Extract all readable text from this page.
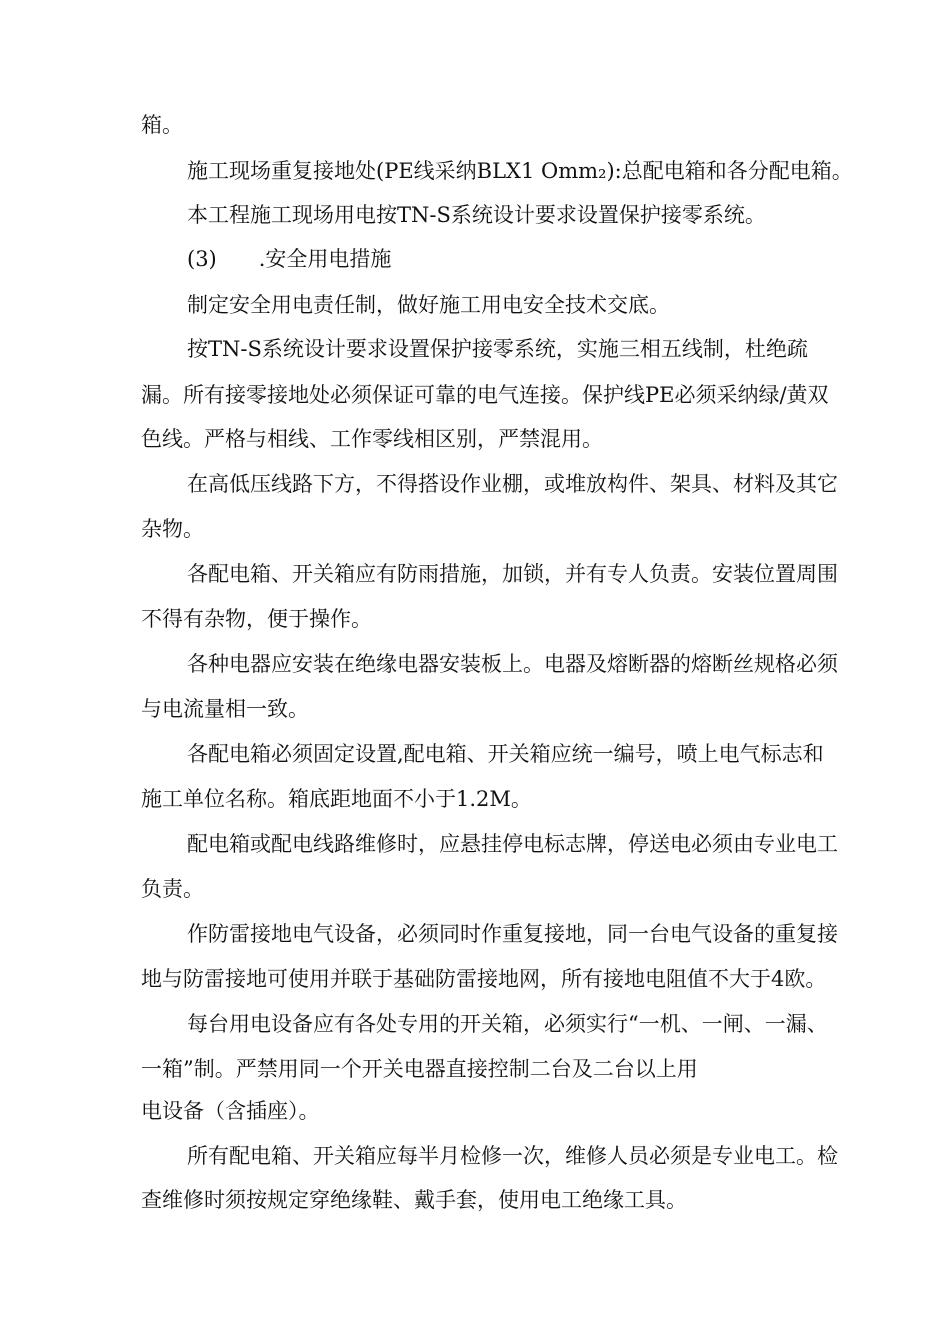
箱。
施工现场重复接地处(PE线采纳BLX1 Omm₂):总配电箱和各分配电箱。
本工程施工现场用电按TN-S系统设计要求设置保护接零系统。
(3)　　.安全用电措施
制定安全用电责任制，做好施工用电安全技术交底。
按TN-S系统设计要求设置保护接零系统，实施三相五线制，杜绝疏
漏。所有接零接地处必须保证可靠的电气连接。保护线PE必须采纳绿/黄双
色线。严格与相线、工作零线相区别，严禁混用。
在高低压线路下方，不得搭设作业棚，或堆放构件、架具、材料及其它
杂物。
各配电箱、开关箱应有防雨措施，加锁，并有专人负责。安装位置周围
不得有杂物，便于操作。
各种电器应安装在绝缘电器安装板上。电器及熔断器的熔断丝规格必须
与电流量相一致。
各配电箱必须固定设置,配电箱、开关箱应统一编号，喷上电气标志和
施工单位名称。箱底距地面不小于1.2M。
配电箱或配电线路维修时，应悬挂停电标志牌，停送电必须由专业电工
负责。
作防雷接地电气设备，必须同时作重复接地，同一台电气设备的重复接
地与防雷接地可使用并联于基础防雷接地网，所有接地电阻值不大于4欧。
每台用电设备应有各处专用的开关箱，必须实行“一机、一闸、一漏、
一箱”制。严禁用同一个开关电器直接控制二台及二台以上用
电设备（含插座）。
所有配电箱、开关箱应每半月检修一次，维修人员必须是专业电工。检
查维修时须按规定穿绝缘鞋、戴手套，使用电工绝缘工具。
